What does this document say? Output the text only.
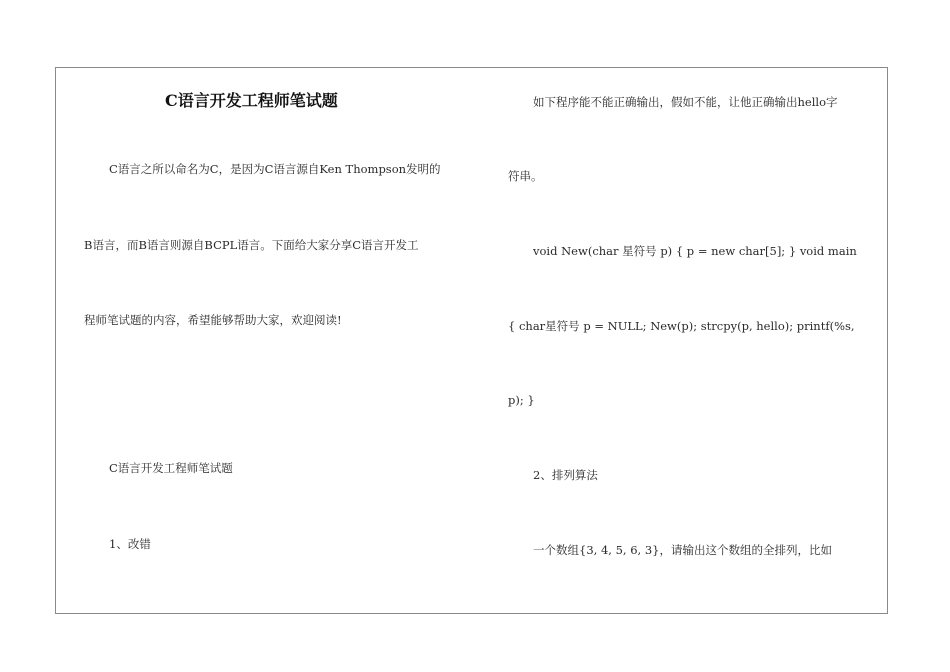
C语言开发工程师笔试题
C语言之所以命名为C，是因为C语言源自Ken Thompson发明的
B语言，而B语言则源自BCPL语言。下面给大家分享C语言开发工
程师笔试题的内容，希望能够帮助大家，欢迎阅读!
C语言开发工程师笔试题
1、改错
如下程序能不能正确输出，假如不能，让他正确输出hello字
符串。
void New(char 星符号 p) { p = new char[5]; } void main
{ char星符号 p = NULL; New(p); strcpy(p, hello); printf(%s,
p); }
2、排列算法
一个数组{3, 4, 5, 6, 3}，请输出这个数组的全排列，比如
